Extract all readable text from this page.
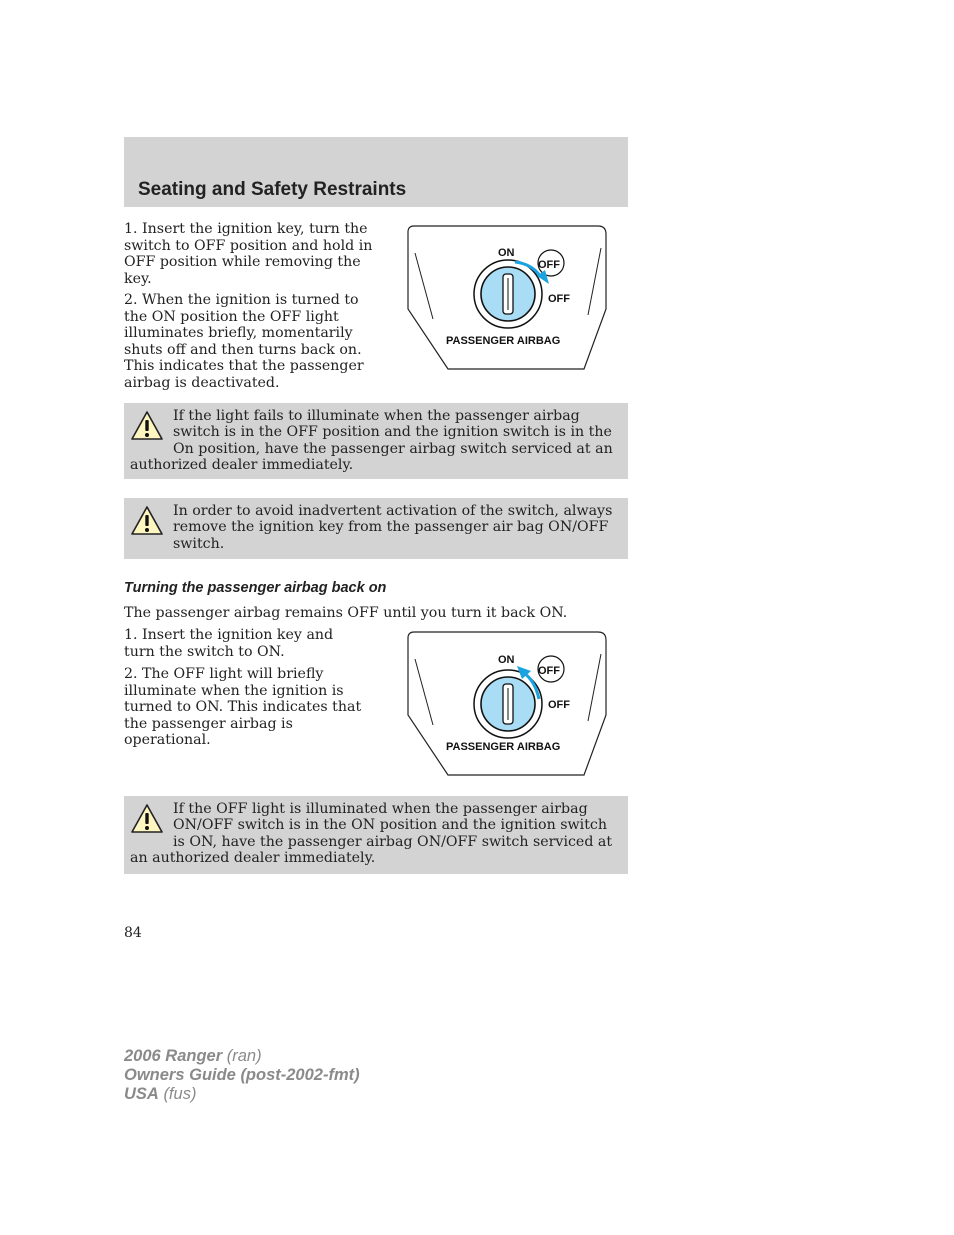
Seating and Safety Restraints

1. Insert the ignition key, turn the switch to OFF position and hold in OFF position while removing the key.

2. When the ignition is turned to the ON position the OFF light illuminates briefly, momentarily shuts off and then turns back on. This indicates that the passenger airbag is deactivated.

ON
OFF
OFF
PASSENGER AIRBAG
If the light fails to illuminate when the passenger airbag switch is in the OFF position and the ignition switch is in the On position, have the passenger airbag switch serviced at an authorized dealer immediately.
In order to avoid inadvertent activation of the switch, always remove the ignition key from the passenger air bag ON/OFF switch.
Turning the passenger airbag back on

The passenger airbag remains OFF until you turn it back ON.

1. Insert the ignition key and turn the switch to ON.

2. The OFF light will briefly illuminate when the ignition is turned to ON. This indicates that the passenger airbag is operational.

ON
OFF
OFF
PASSENGER AIRBAG
If the OFF light is illuminated when the passenger airbag ON/OFF switch is in the ON position and the ignition switch is ON, have the passenger airbag ON/OFF switch serviced at an authorized dealer immediately.
84
2006 Ranger (ran)
Owners Guide (post-2002-fmt)
USA (fus)
